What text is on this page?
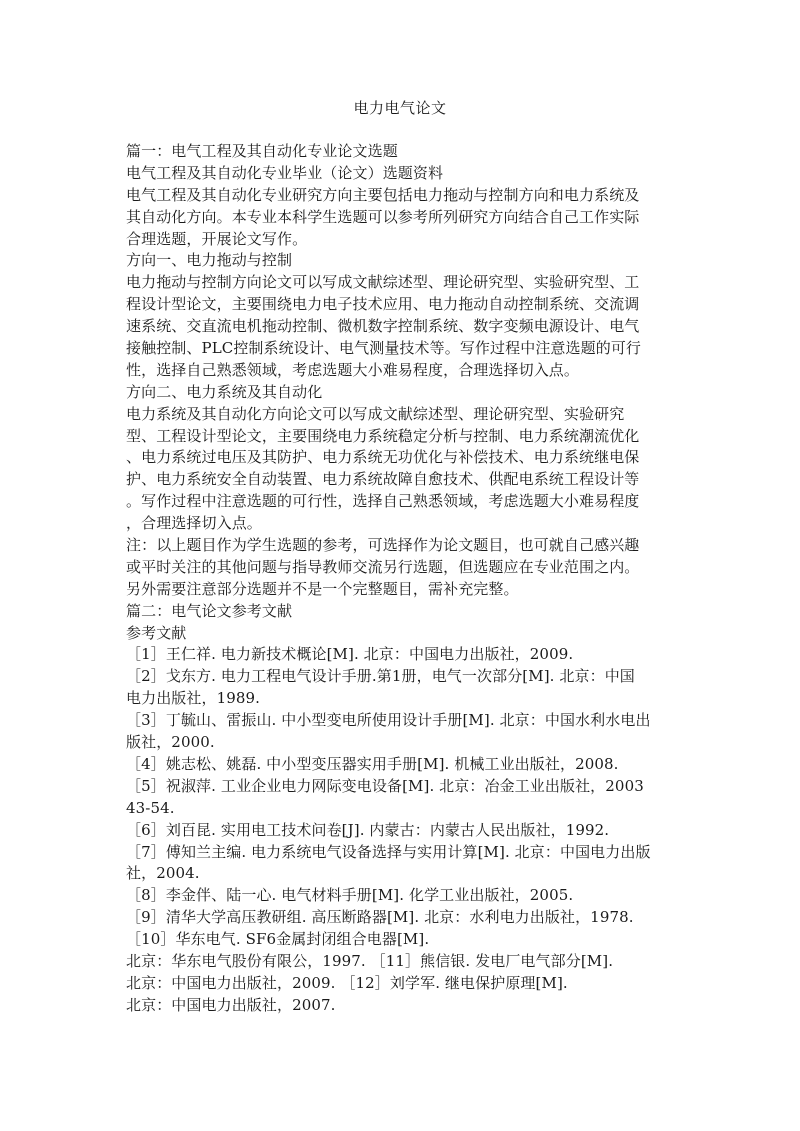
电力电气论文
篇一：电气工程及其自动化专业论文选题
电气工程及其自动化专业毕业（论文）选题资料
电气工程及其自动化专业研究方向主要包括电力拖动与控制方向和电力系统及
其自动化方向。本专业本科学生选题可以参考所列研究方向结合自己工作实际
合理选题，开展论文写作。
方向一、电力拖动与控制
电力拖动与控制方向论文可以写成文献综述型、理论研究型、实验研究型、工
程设计型论文，主要围绕电力电子技术应用、电力拖动自动控制系统、交流调
速系统、交直流电机拖动控制、微机数字控制系统、数字变频电源设计、电气
接触控制、PLC控制系统设计、电气测量技术等。写作过程中注意选题的可行
性，选择自己熟悉领域，考虑选题大小难易程度，合理选择切入点。
方向二、电力系统及其自动化
电力系统及其自动化方向论文可以写成文献综述型、理论研究型、实验研究
型、工程设计型论文，主要围绕电力系统稳定分析与控制、电力系统潮流优化
、电力系统过电压及其防护、电力系统无功优化与补偿技术、电力系统继电保
护、电力系统安全自动装置、电力系统故障自愈技术、供配电系统工程设计等
。写作过程中注意选题的可行性，选择自己熟悉领域，考虑选题大小难易程度
，合理选择切入点。
注：以上题目作为学生选题的参考，可选择作为论文题目，也可就自己感兴趣
或平时关注的其他问题与指导教师交流另行选题，但选题应在专业范围之内。
另外需要注意部分选题并不是一个完整题目，需补充完整。
篇二：电气论文参考文献
参考文献
［1］王仁祥. 电力新技术概论[M]. 北京：中国电力出版社，2009.
［2］戈东方. 电力工程电气设计手册.第1册，电气一次部分[M]. 北京：中国
电力出版社，1989.
［3］丁毓山、雷振山. 中小型变电所使用设计手册[M]. 北京：中国水利水电出
版社，2000.
［4］姚志松、姚磊. 中小型变压器实用手册[M]. 机械工业出版社，2008.
［5］祝淑萍. 工业企业电力网际变电设备[M]. 北京：冶金工业出版社，2003
43-54.
［6］刘百昆. 实用电工技术问卷[J]. 内蒙古：内蒙古人民出版社，1992.
［7］傅知兰主编. 电力系统电气设备选择与实用计算[M]. 北京：中国电力出版
社，2004.
［8］李金伴、陆一心. 电气材料手册[M]. 化学工业出版社，2005.
［9］清华大学高压教研组. 高压断路器[M]. 北京：水利电力出版社，1978.
［10］华东电气. SF6金属封闭组合电器[M].
北京：华东电气股份有限公，1997. ［11］熊信银. 发电厂电气部分[M].
北京：中国电力出版社，2009. ［12］刘学军. 继电保护原理[M].
北京：中国电力出版社，2007.
